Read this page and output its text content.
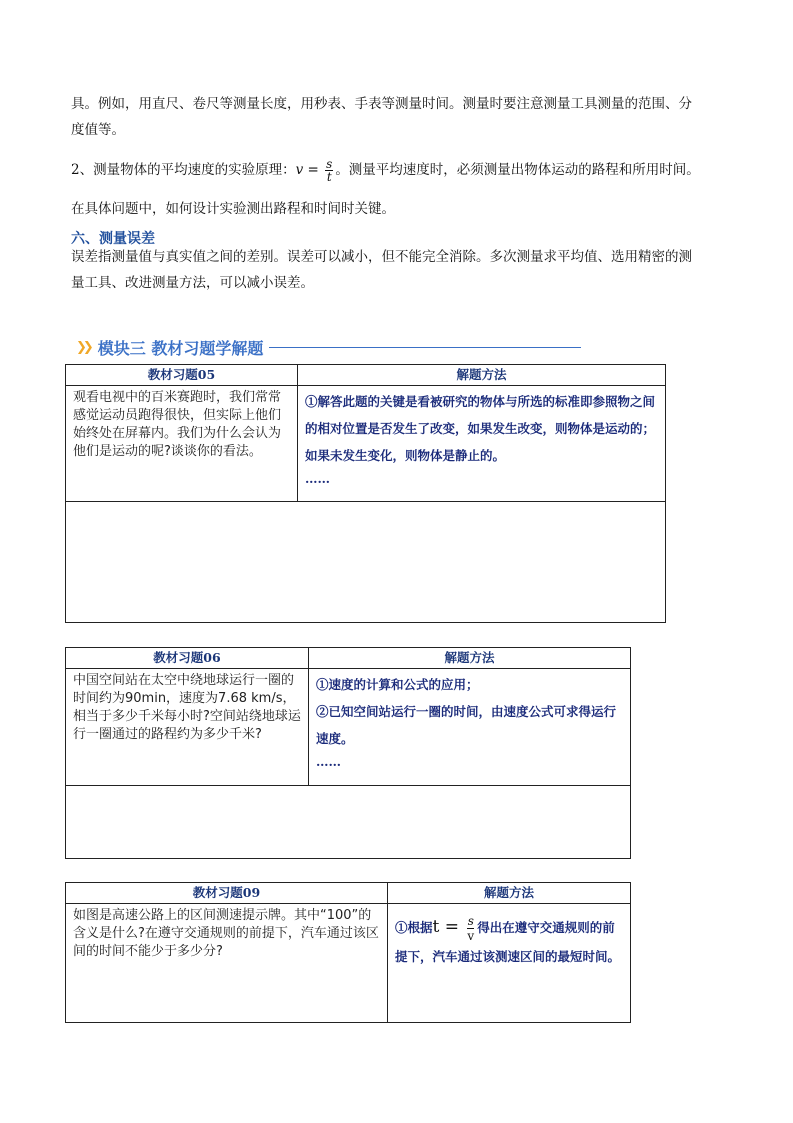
具。例如，用直尺、卷尺等测量长度，用秒表、手表等测量时间。测量时要注意测量工具测量的范围、分
度值等。
2、测量物体的平均速度的实验原理：$v = \frac{s}{t}$ 。测量平均速度时，必须测量出物体运动的路程和所用时间。
在具体问题中，如何设计实验测出路程和时间时关键。
六、测量误差
误差指测量值与真实值之间的差别。误差可以减小，但不能完全消除。多次测量求平均值、选用精密的测
量工具、改进测量方法，可以减小误差。
❯❯ 模块三 教材习题学解题
教材习题05	解题方法

观看电视中的百米赛跑时，我们常常感觉运动员跑得很快，但实际上他们始终处在屏幕内。我们为什么会认为他们是运动的呢?谈谈你的看法。	①解答此题的关键是看被研究的物体与所选的标准即参照物之间的相对位置是否发生了改变，如果发生改变，则物体是运动的；如果未发生变化，则物体是静止的。
……

教材习题06	解题方法

中国空间站在太空中绕地球运行一圈的时间约为90min，速度为7.68 km/s，相当于多少千米每小时?空间站绕地球运行一圈通过的路程约为多少千米?	①速度的计算和公式的应用；
②已知空间站运行一圈的时间，由速度公式可求得运行速度。
……

教材习题09	解题方法

如图是高速公路上的区间测速提示牌。其中“100”的含义是什么?在遵守交通规则的前提下，汽车通过该区间的时间不能少于多少分?	①根据$t = \frac{s}{v}$ 得出在遵守交通规则的前提下，汽车通过该测速区间的最短时间。
